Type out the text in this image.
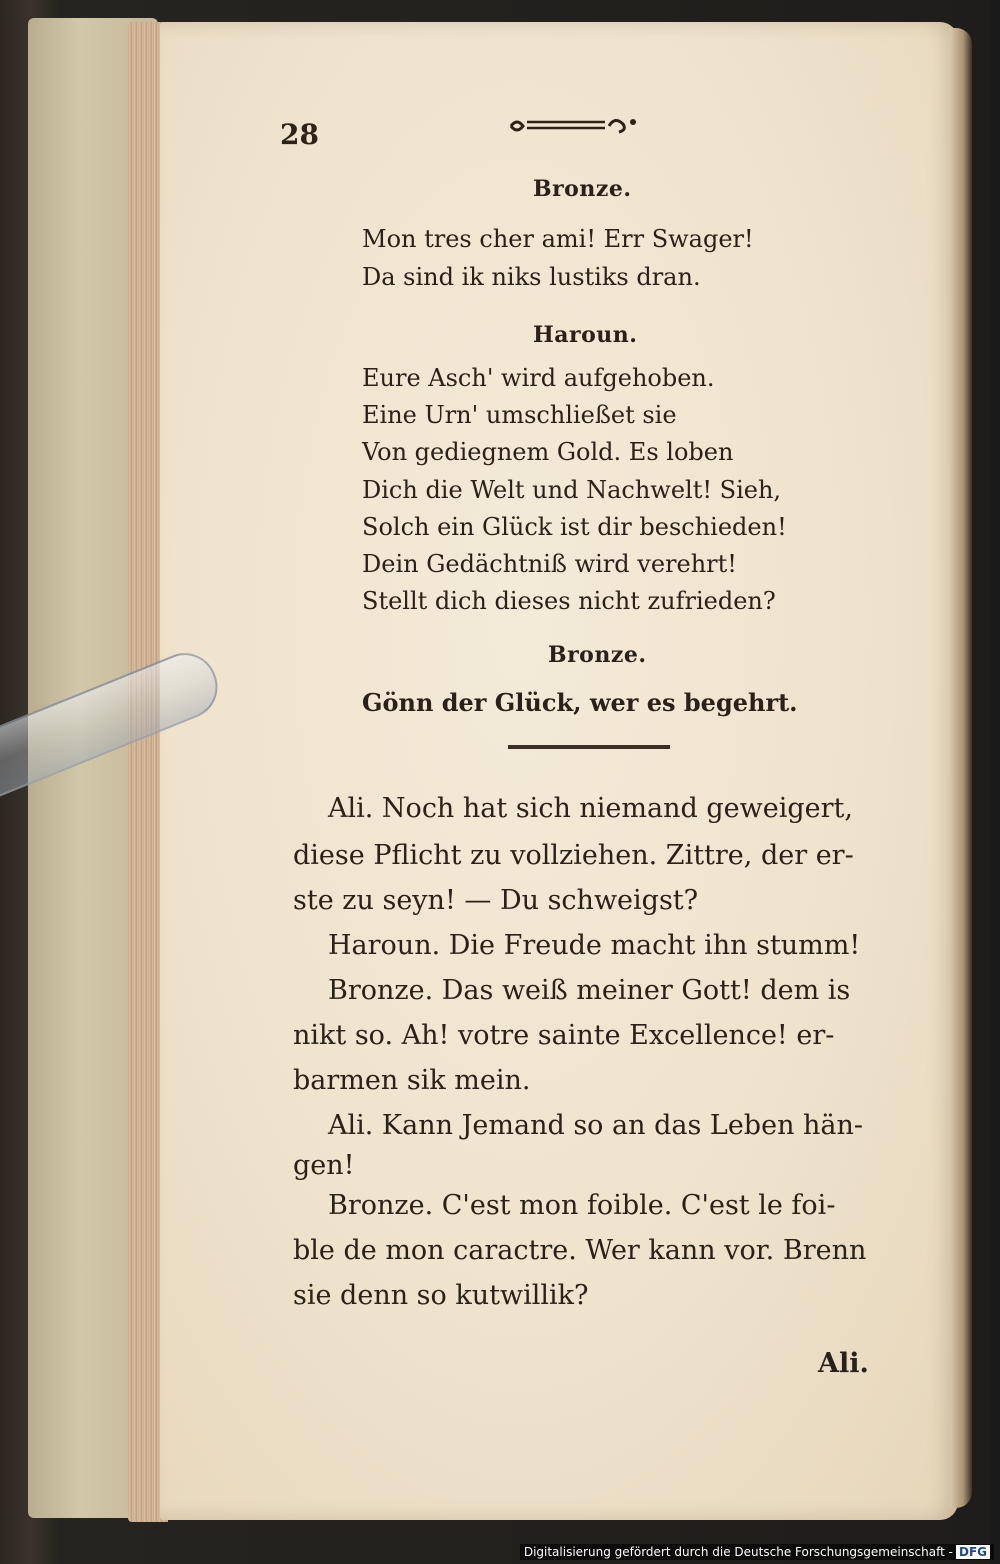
28
Bronze.
Mon tres cher ami! Err Swager!
Da sind ik niks lustiks dran.
Haroun.
Eure Asch' wird aufgehoben.
Eine Urn' umschließet sie
Von gediegnem Gold. Es loben
Dich die Welt und Nachwelt! Sieh,
Solch ein Glück ist dir beschieden!
Dein Gedächtniß wird verehrt!
Stellt dich dieses nicht zufrieden?
Bronze.
Gönn der Glück, wer es begehrt.
Ali. Noch hat sich niemand geweigert,
diese Pflicht zu vollziehen. Zittre, der er-
ste zu seyn! — Du schweigst?
Haroun. Die Freude macht ihn stumm!
Bronze. Das weiß meiner Gott! dem is
nikt so. Ah! votre sainte Excellence! er-
barmen sik mein.
Ali. Kann Jemand so an das Leben hän-
gen!
Bronze. C'est mon foible. C'est le foi-
ble de mon caractre. Wer kann vor. Brenn
sie denn so kutwillik?
Ali.
Digitalisierung gefördert durch die Deutsche Forschungsgemeinschaft - DFG
